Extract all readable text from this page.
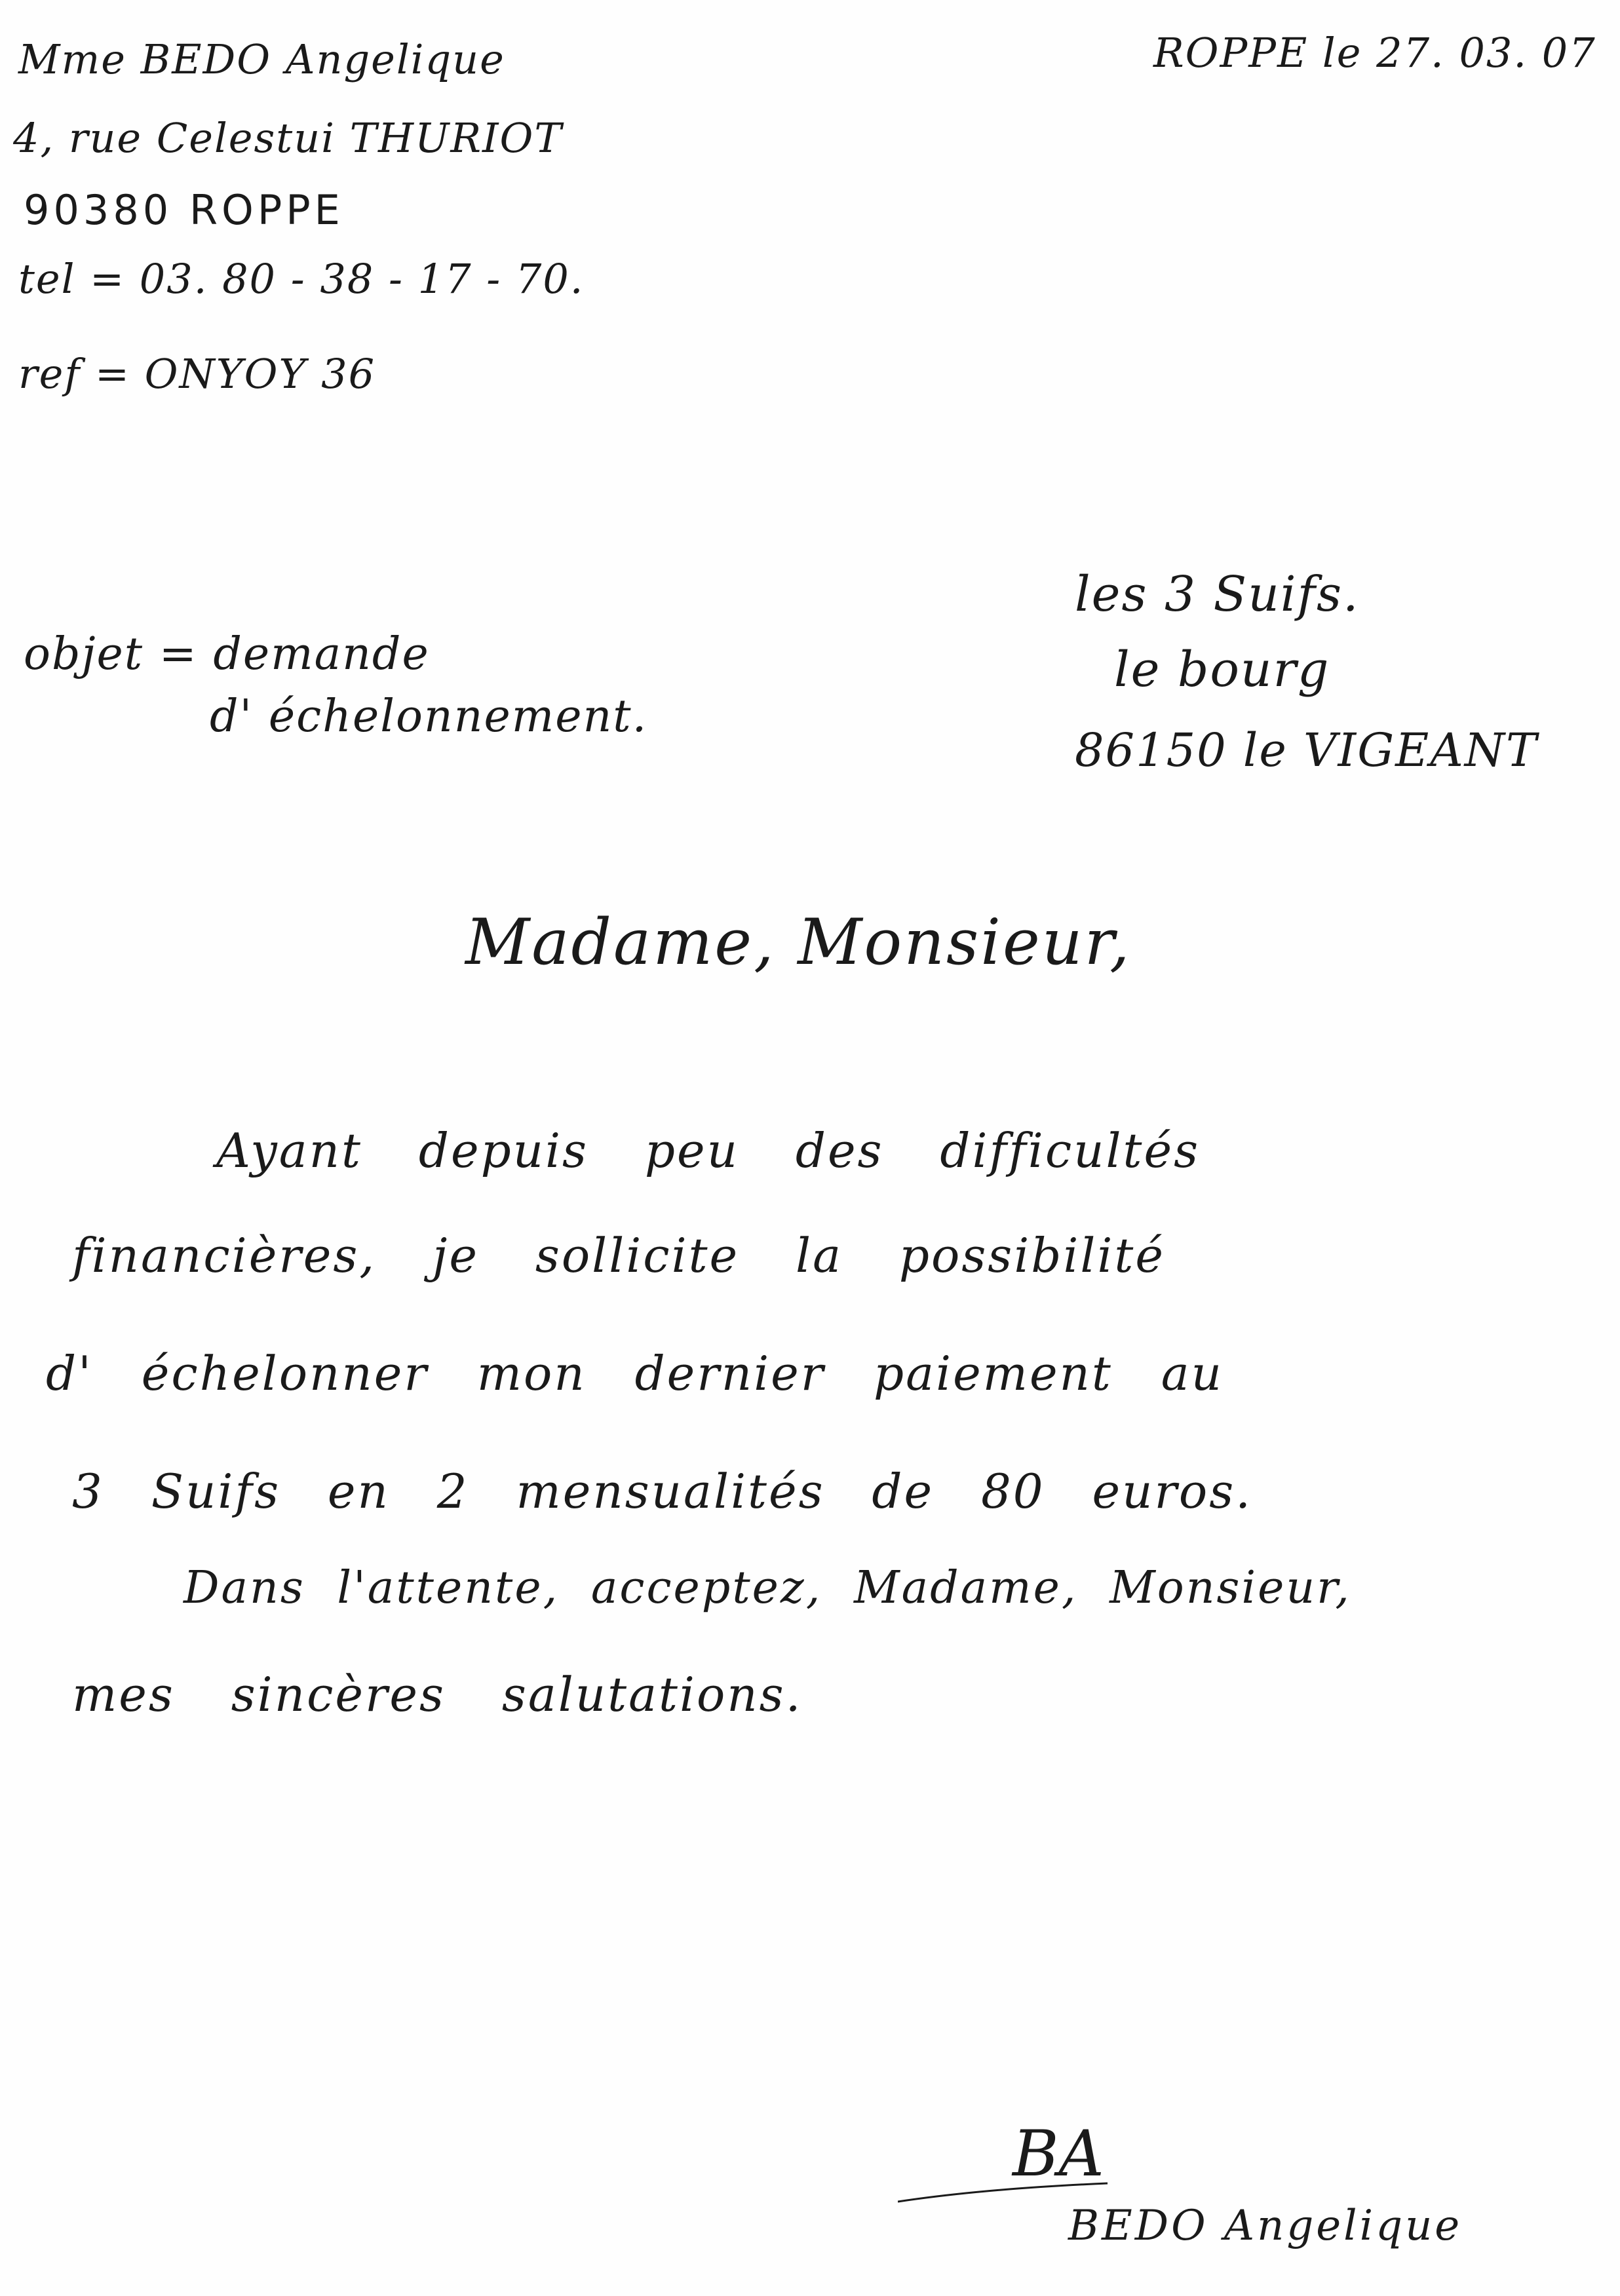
Mme BEDO Angelique
4, rue Celestui THURIOT
90380 ROPPE
tel = 03. 80 - 38 - 17 - 70.
ref = ONYOY 36
ROPPE le 27. 03. 07
les 3 Suifs.
le bourg
86150 le VIGEANT
objet = demande
d' échelonnement.
Madame, Monsieur,
Ayant depuis peu des difficultés
financières, je sollicite la possibilité
d' échelonner mon dernier paiement au
3 Suifs en 2 mensualités de 80 euros.
Dans l'attente, acceptez, Madame, Monsieur,
mes sincères salutations.
BA
BEDO Angelique
